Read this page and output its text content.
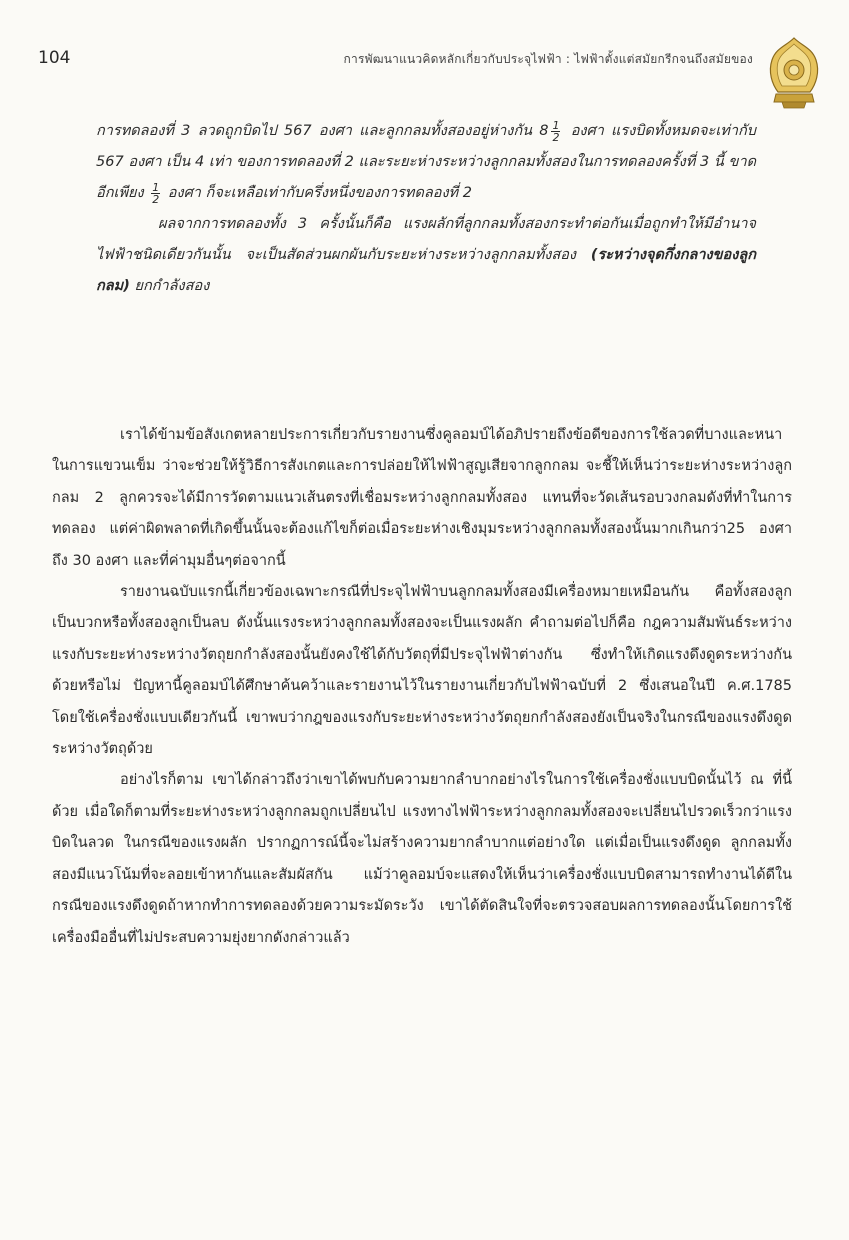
104	การพัฒนาแนวคิดหลักเกี่ยวกับประจุไฟฟ้า : ไฟฟ้าตั้งแต่สมัยกรีกจนถึงสมัยของ

การทดลองที่ 3 ลวดถูกบิดไป 567 องศา และลูกกลมทั้งสองอยู่ห่างกัน $8 \frac{1}{2}$ องศา แรงบิดทั้งหมดจะเท่ากับ 567 องศา เป็น 4 เท่า ของการทดลองที่ 2 และระยะห่างระหว่างลูกกลมทั้งสองในการทดลองครั้งที่ 3 นี้ ขาดอีกเพียง $\frac{1}{2}$ องศา ก็จะเหลือเท่ากับครึ่งหนึ่งของการทดลองที่ 2

ผลจากการทดลองทั้ง 3 ครั้งนั้นก็คือ แรงผลักที่ลูกกลมทั้งสองกระทำต่อกันเมื่อถูกทำให้มีอำนาจไฟฟ้าชนิดเดียวกันนั้น จะเป็นสัดส่วนผกผันกับระยะห่างระหว่างลูกกลมทั้งสอง (ระหว่างจุดกึ่งกลางของลูกกลม) ยกกำลังสอง

เราได้ข้ามข้อสังเกตหลายประการเกี่ยวกับรายงานซึ่งคูลอมบ์ได้อภิปรายถึงข้อดีของการใช้ลวดที่บางและหนาในการแขวนเข็ม ว่าจะช่วยให้รู้วิธีการสังเกตและการปล่อยให้ไฟฟ้าสูญเสียจากลูกกลม จะชี้ให้เห็นว่าระยะห่างระหว่างลูกกลม 2 ลูกควรจะได้มีการวัดตามแนวเส้นตรงที่เชื่อมระหว่างลูกกลมทั้งสอง แทนที่จะวัดเส้นรอบวงกลมดังที่ทำในการทดลอง แต่ค่าผิดพลาดที่เกิดขึ้นนั้นจะต้องแก้ไขก็ต่อเมื่อระยะห่างเชิงมุมระหว่างลูกกลมทั้งสองนั้นมากเกินกว่า25 องศา ถึง 30 องศา และที่ค่ามุมอื่นๆต่อจากนี้

รายงานฉบับแรกนี้เกี่ยวข้องเฉพาะกรณีที่ประจุไฟฟ้าบนลูกกลมทั้งสองมีเครื่องหมายเหมือนกัน คือทั้งสองลูกเป็นบวกหรือทั้งสองลูกเป็นลบ ดังนั้นแรงระหว่างลูกกลมทั้งสองจะเป็นแรงผลัก คำถามต่อไปก็คือ กฎความสัมพันธ์ระหว่างแรงกับระยะห่างระหว่างวัตถุยกกำลังสองนั้นยังคงใช้ได้กับวัตถุที่มีประจุไฟฟ้าต่างกัน ซึ่งทำให้เกิดแรงดึงดูดระหว่างกันด้วยหรือไม่ ปัญหานี้คูลอมบ์ได้ศึกษาค้นคว้าและรายงานไว้ในรายงานเกี่ยวกับไฟฟ้าฉบับที่ 2 ซึ่งเสนอในปี ค.ศ.1785 โดยใช้เครื่องชั่งแบบเดียวกันนี้ เขาพบว่ากฎของแรงกับระยะห่างระหว่างวัตถุยกกำลังสองยังเป็นจริงในกรณีของแรงดึงดูดระหว่างวัตถุด้วย

อย่างไรก็ตาม เขาได้กล่าวถึงว่าเขาได้พบกับความยากลำบากอย่างไรในการใช้เครื่องชั่งแบบบิดนั้นไว้ ณ ที่นี้ด้วย เมื่อใดก็ตามที่ระยะห่างระหว่างลูกกลมถูกเปลี่ยนไป แรงทางไฟฟ้าระหว่างลูกกลมทั้งสองจะเปลี่ยนไปรวดเร็วกว่าแรงบิดในลวด ในกรณีของแรงผลัก ปรากฏการณ์นี้จะไม่สร้างความยากลำบากแต่อย่างใด แต่เมื่อเป็นแรงดึงดูด ลูกกลมทั้งสองมีแนวโน้มที่จะลอยเข้าหากันและสัมผัสกัน แม้ว่าคูลอมบ์จะแสดงให้เห็นว่าเครื่องชั่งแบบบิดสามารถทำงานได้ดีในกรณีของแรงดึงดูดถ้าหากทำการทดลองด้วยความระมัดระวัง เขาได้ตัดสินใจที่จะตรวจสอบผลการทดลองนั้นโดยการใช้เครื่องมืออื่นที่ไม่ประสบความยุ่งยากดังกล่าวแล้ว
